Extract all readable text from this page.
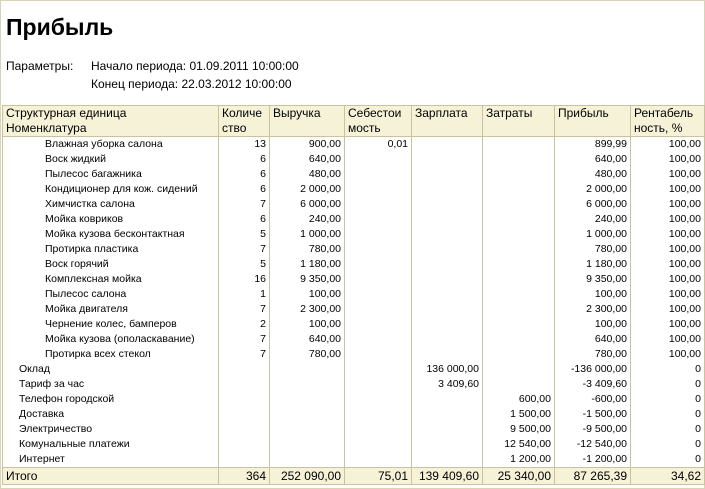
Прибыль
Параметры: Начало периода: 01.09.2011 10:00:00
Конец периода: 22.03.2012 10:00:00
Структурная единица	Количе	Выручка	Себестои	Зарплата	Затраты	Прибыль	Рентабель
Номенклатура	ство		мость				ность, %
Влажная уборка салона	13	900,00	0,01			899,99	100,00
Воск жидкий	6	640,00				640,00	100,00
Пылесос багажника	6	480,00				480,00	100,00
Кондиционер для кож. сидений	6	2 000,00				2 000,00	100,00
Химчистка салона	7	6 000,00				6 000,00	100,00
Мойка ковриков	6	240,00				240,00	100,00
Мойка кузова бесконтактная	5	1 000,00				1 000,00	100,00
Протирка пластика	7	780,00				780,00	100,00
Воск горячий	5	1 180,00				1 180,00	100,00
Комплексная мойка	16	9 350,00				9 350,00	100,00
Пылесос салона	1	100,00				100,00	100,00
Мойка двигателя	7	2 300,00				2 300,00	100,00
Чернение колес, бамперов	2	100,00				100,00	100,00
Мойка кузова (ополаскавание)	7	640,00				640,00	100,00
Протирка всех стекол	7	780,00				780,00	100,00
Оклад				136 000,00		-136 000,00	0
Тариф за час				3 409,60		-3 409,60	0
Телефон городской					600,00	-600,00	0
Доставка					1 500,00	-1 500,00	0
Электричество					9 500,00	-9 500,00	0
Комунальные платежи					12 540,00	-12 540,00	0
Интернет					1 200,00	-1 200,00	0
Итого	364	252 090,00	75,01	139 409,60	25 340,00	87 265,39	34,62
